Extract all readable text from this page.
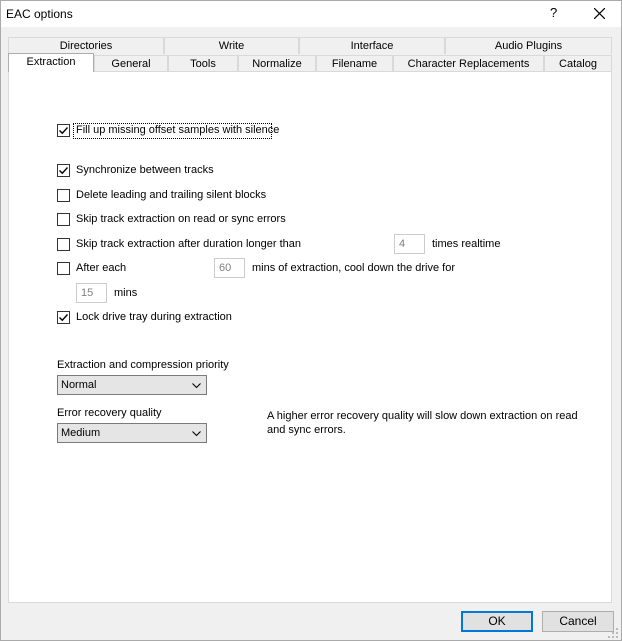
EAC options	?
Directories	Write	Interface	Audio Plugins
Extraction	General	Tools	Normalize	Filename	Character Replacements	Catalog
Fill up missing offset samples with silence
Synchronize between tracks
Delete leading and trailing silent blocks
Skip track extraction on read or sync errors
Skip track extraction after duration longer than	4	times realtime
After each	60	mins of extraction, cool down the drive for
15	mins
Lock drive tray during extraction
Extraction and compression priority
Normal
Error recovery quality
Medium
A higher error recovery quality will slow down extraction on read
and sync errors.
OK	Cancel
